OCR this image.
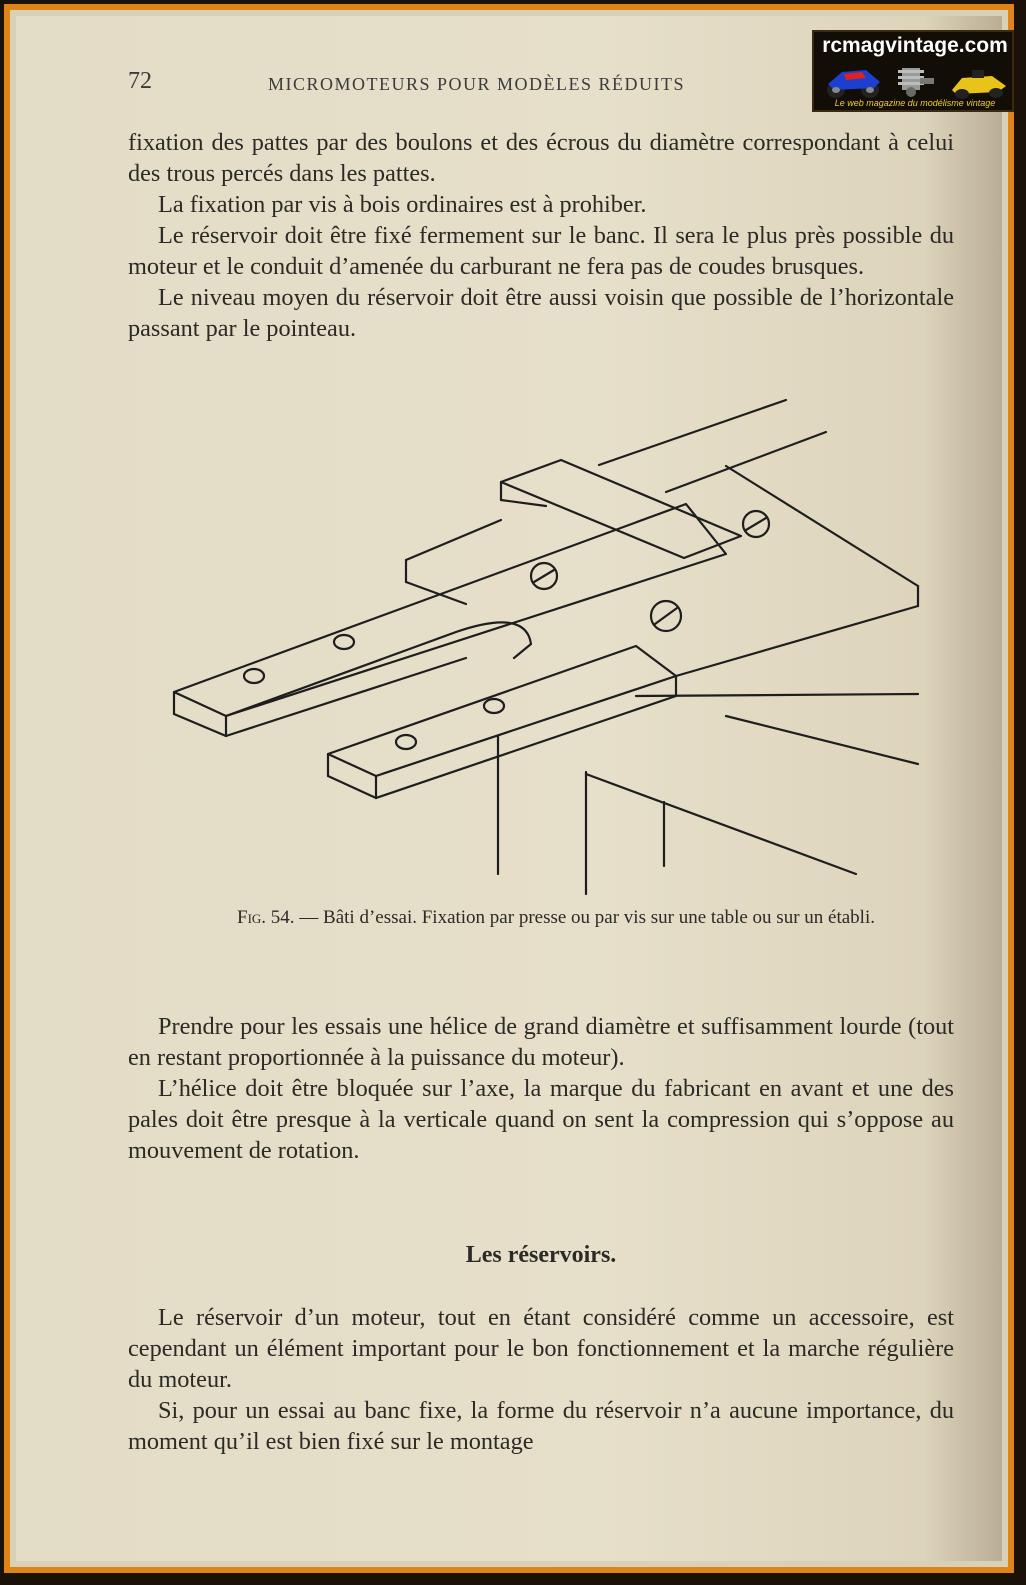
72	MICROMOTEURS POUR MODÈLES RÉDUITS
rcmagvintage.com
Le web magazine du modélisme vintage

fixation des pattes par des boulons et des écrous du diamètre correspondant à celui des trous percés dans les pattes.

La fixation par vis à bois ordinaires est à prohiber.

Le réservoir doit être fixé fermement sur le banc. Il sera le plus près possible du moteur et le conduit d’amenée du carburant ne fera pas de coudes brusques.

Le niveau moyen du réservoir doit être aussi voisin que possible de l’horizontale passant par le pointeau.

Fig. 54. — Bâti d’essai. Fixation par presse ou par vis sur une table ou sur un établi.

Prendre pour les essais une hélice de grand diamètre et suffisamment lourde (tout en restant proportionnée à la puissance du moteur).

L’hélice doit être bloquée sur l’axe, la marque du fabricant en avant et une des pales doit être presque à la verticale quand on sent la compression qui s’oppose au mouvement de rotation.

Les réservoirs.

Le réservoir d’un moteur, tout en étant considéré comme un accessoire, est cependant un élément important pour le bon fonctionnement et la marche régulière du moteur.

Si, pour un essai au banc fixe, la forme du réservoir n’a aucune importance, du moment qu’il est bien fixé sur le montage
